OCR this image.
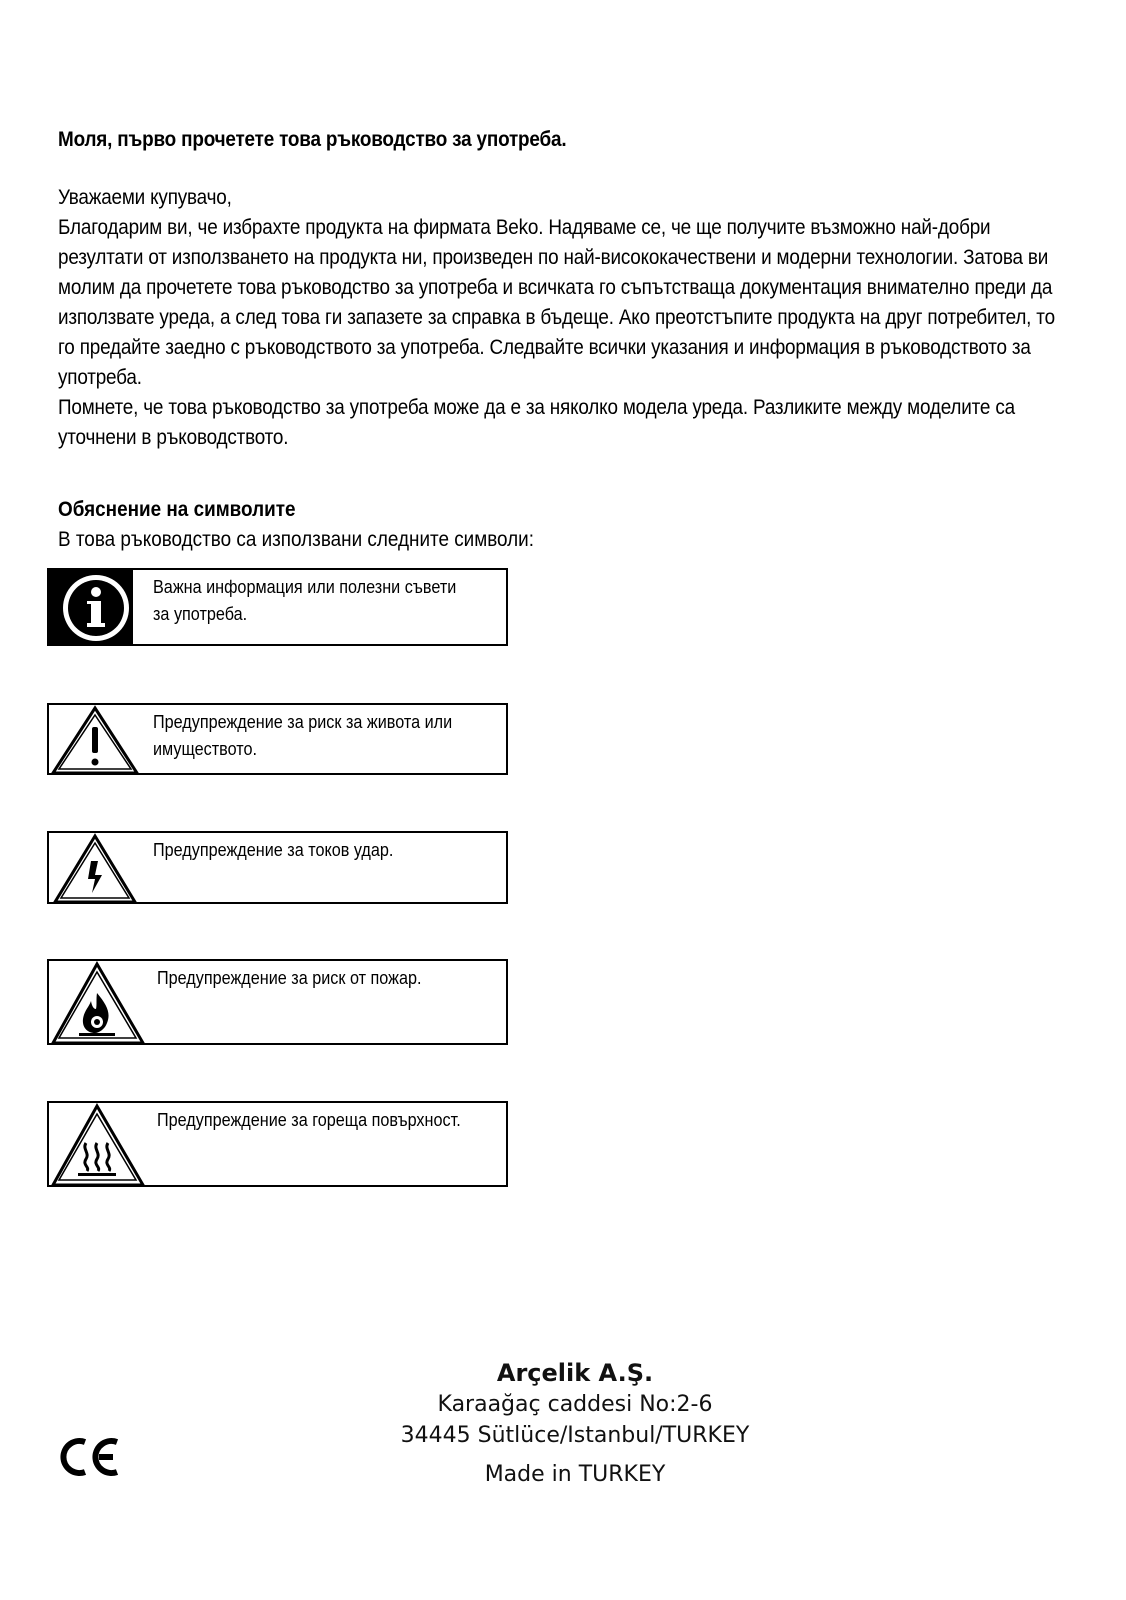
Моля, първо прочетете това ръководство за употреба.

Уважаеми купувачо,

Благодарим ви, че избрахте продукта на фирмата Beko. Надяваме се, че ще получите възможно най-добри резултати от използването на продукта ни, произведен по най-висококачествени и модерни технологии. Затова ви молим да прочетете това ръководство за употреба и всичката го съпътстваща документация внимателно преди да използвате уреда, а след това ги запазете за справка в бъдеще. Ако преотстъпите продукта на друг потребител, то го предайте заедно с ръководството за употреба. Следвайте всички указания и информация в ръководството за употреба.

Помнете, че това ръководство за употреба може да е за няколко модела уреда. Разликите между моделите са уточнени в ръководството.

Обяснение на символите
В това ръководство са използвани следните символи:
Важна информация или полезни съвети за употреба.
Предупреждение за риск за живота или имуществото.
Предупреждение за токов удар.
Предупреждение за риск от пожар.
Предупреждение за гореща повърхност.
Arçelik A.Ş.
Karaağaç caddesi No:2-6
34445 Sütlüce/Istanbul/TURKEY
Made in TURKEY
